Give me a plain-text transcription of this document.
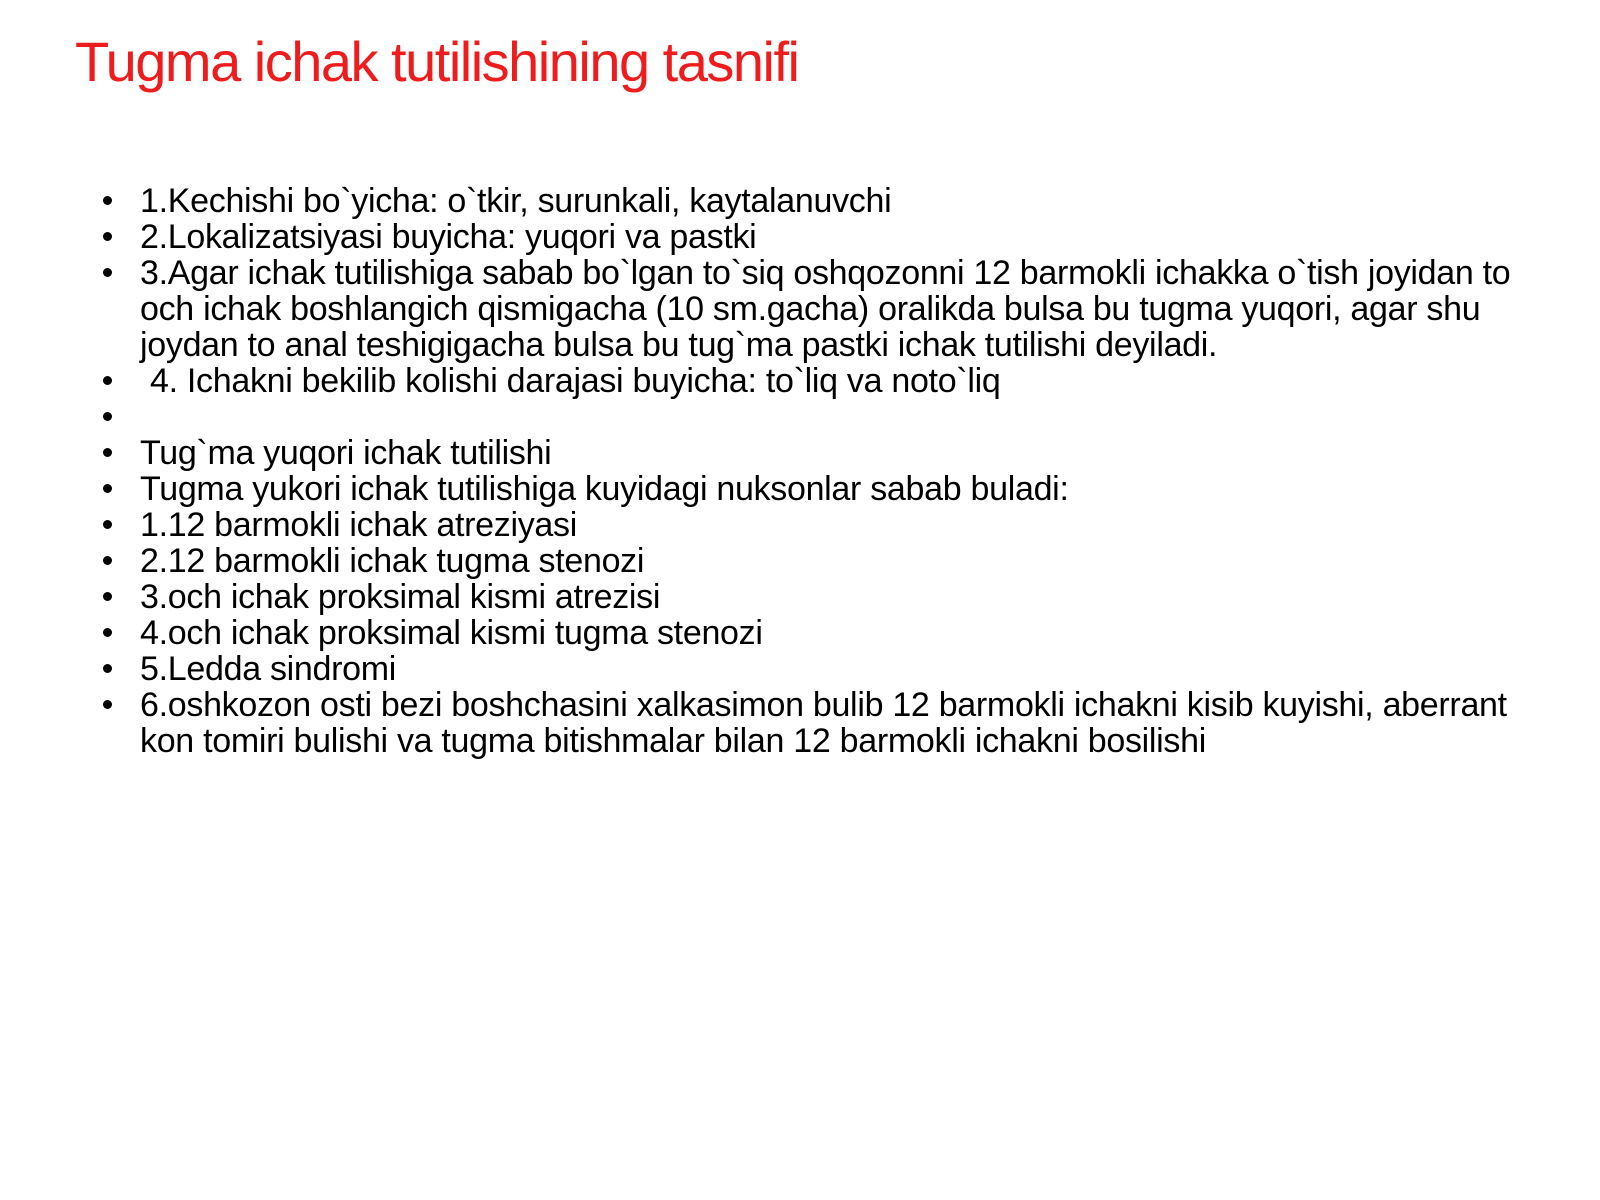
Tugma ichak tutilishining tasnifi
1.Kechishi bo`yicha: o`tkir, surunkali, kaytalanuvchi
2.Lokalizatsiyasi buyicha: yuqori va pastki
3.Agar ichak tutilishiga sabab bo`lgan to`siq oshqozonni 12 barmokli ichakka o`tish joyidan to och ichak boshlangich qismigacha (10 sm.gacha) oralikda bulsa bu tugma yuqori, agar shu joydan to anal teshigigacha bulsa bu tug`ma pastki ichak tutilishi deyiladi.
4. Ichakni bekilib kolishi darajasi buyicha: to`liq va noto`liq
Tug`ma yuqori ichak tutilishi
Tugma yukori ichak tutilishiga kuyidagi nuksonlar sabab buladi:
1.12 barmokli ichak atreziyasi
2.12 barmokli ichak tugma stenozi
3.och ichak proksimal kismi atrezisi
4.och ichak proksimal kismi tugma stenozi
5.Ledda sindromi
6.oshkozon osti bezi boshchasini xalkasimon bulib 12 barmokli ichakni kisib kuyishi, aberrant kon tomiri bulishi va tugma bitishmalar bilan 12 barmokli ichakni bosilishi
